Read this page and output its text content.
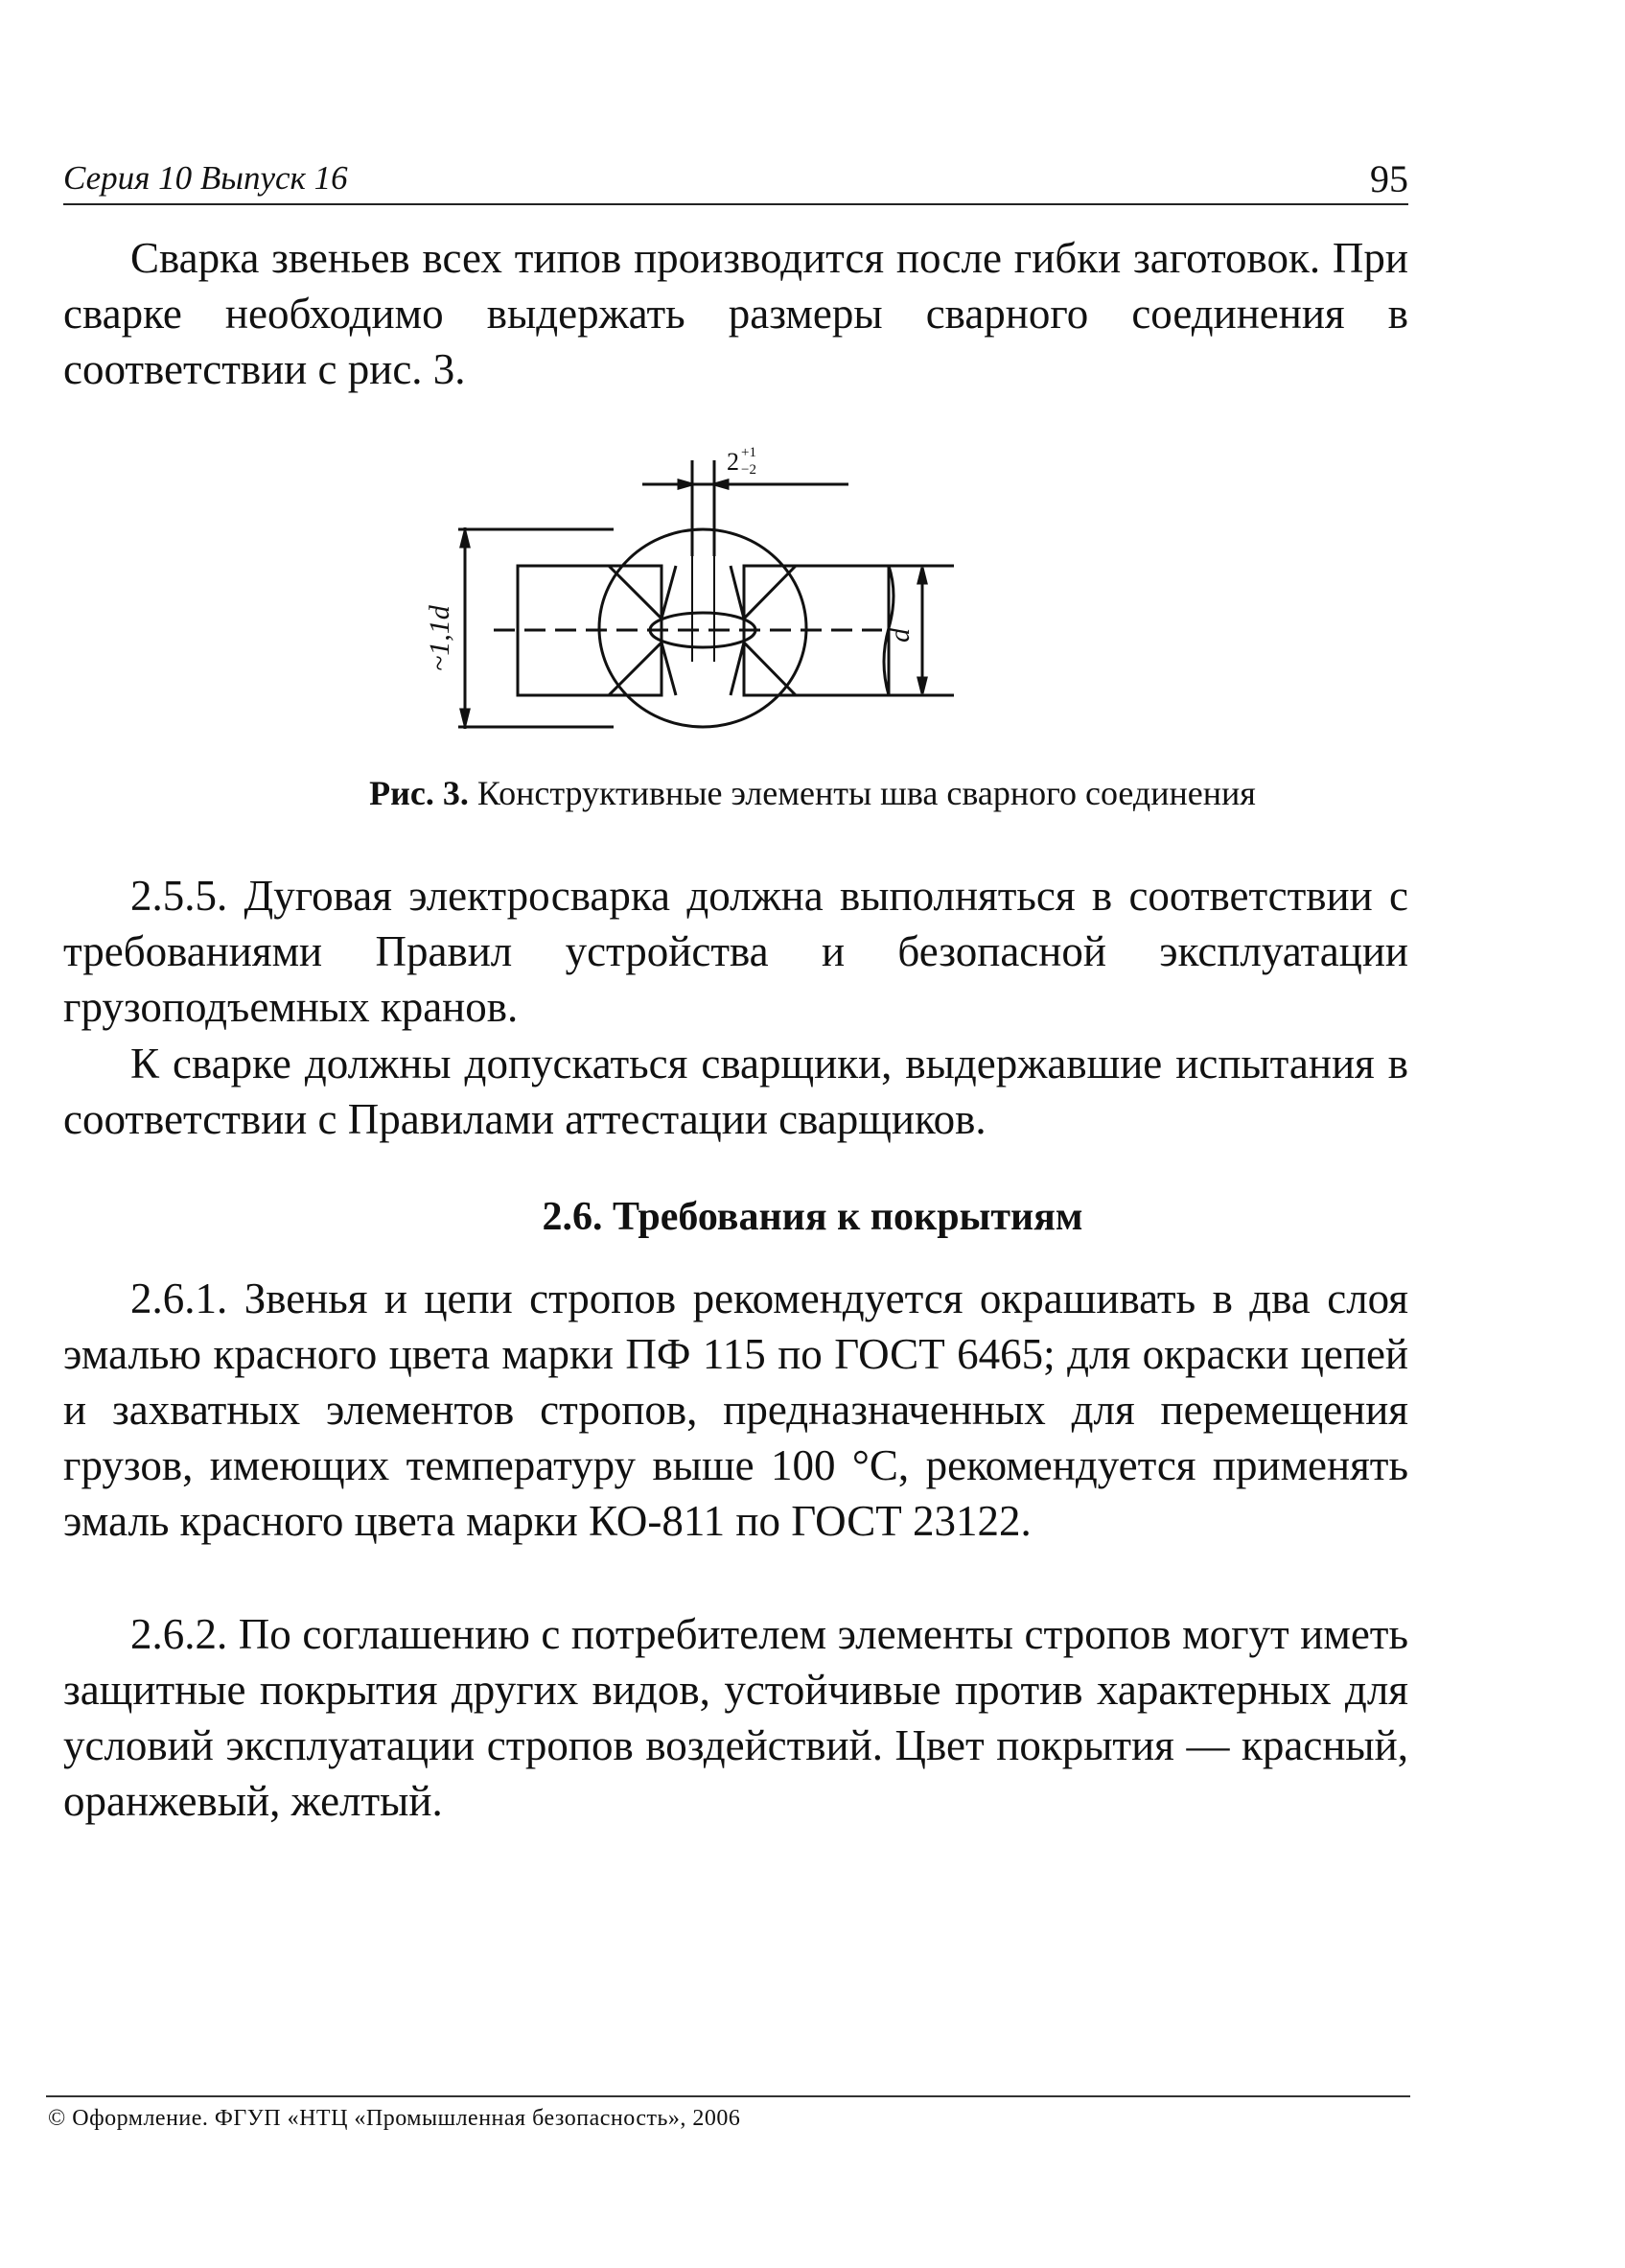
Серия 10 Выпуск 16	95

Сварка звеньев всех типов производится после гибки заготовок. При сварке необходимо выдержать размеры сварного соединения в соответствии с рис. 3.

2 +1
−2
~1,1d	d
Рис. 3. Конструктивные элементы шва сварного соединения

2.5.5. Дуговая электросварка должна выполняться в соответствии с требованиями Правил устройства и безопасной эксплуатации грузоподъемных кранов.

К сварке должны допускаться сварщики, выдержавшие испытания в соответствии с Правилами аттестации сварщиков.

2.6. Требования к покрытиям

2.6.1. Звенья и цепи стропов рекомендуется окрашивать в два слоя эмалью красного цвета марки ПФ 115 по ГОСТ 6465; для окраски цепей и захватных элементов стропов, предназначенных для перемещения грузов, имеющих температуру выше 100 °С, рекомендуется применять эмаль красного цвета марки КО-811 по ГОСТ 23122.

2.6.2. По соглашению с потребителем элементы стропов могут иметь защитные покрытия других видов, устойчивые против характерных для условий эксплуатации стропов воздействий. Цвет покрытия — красный, оранжевый, желтый.

© Оформление. ФГУП «НТЦ «Промышленная безопасность», 2006
